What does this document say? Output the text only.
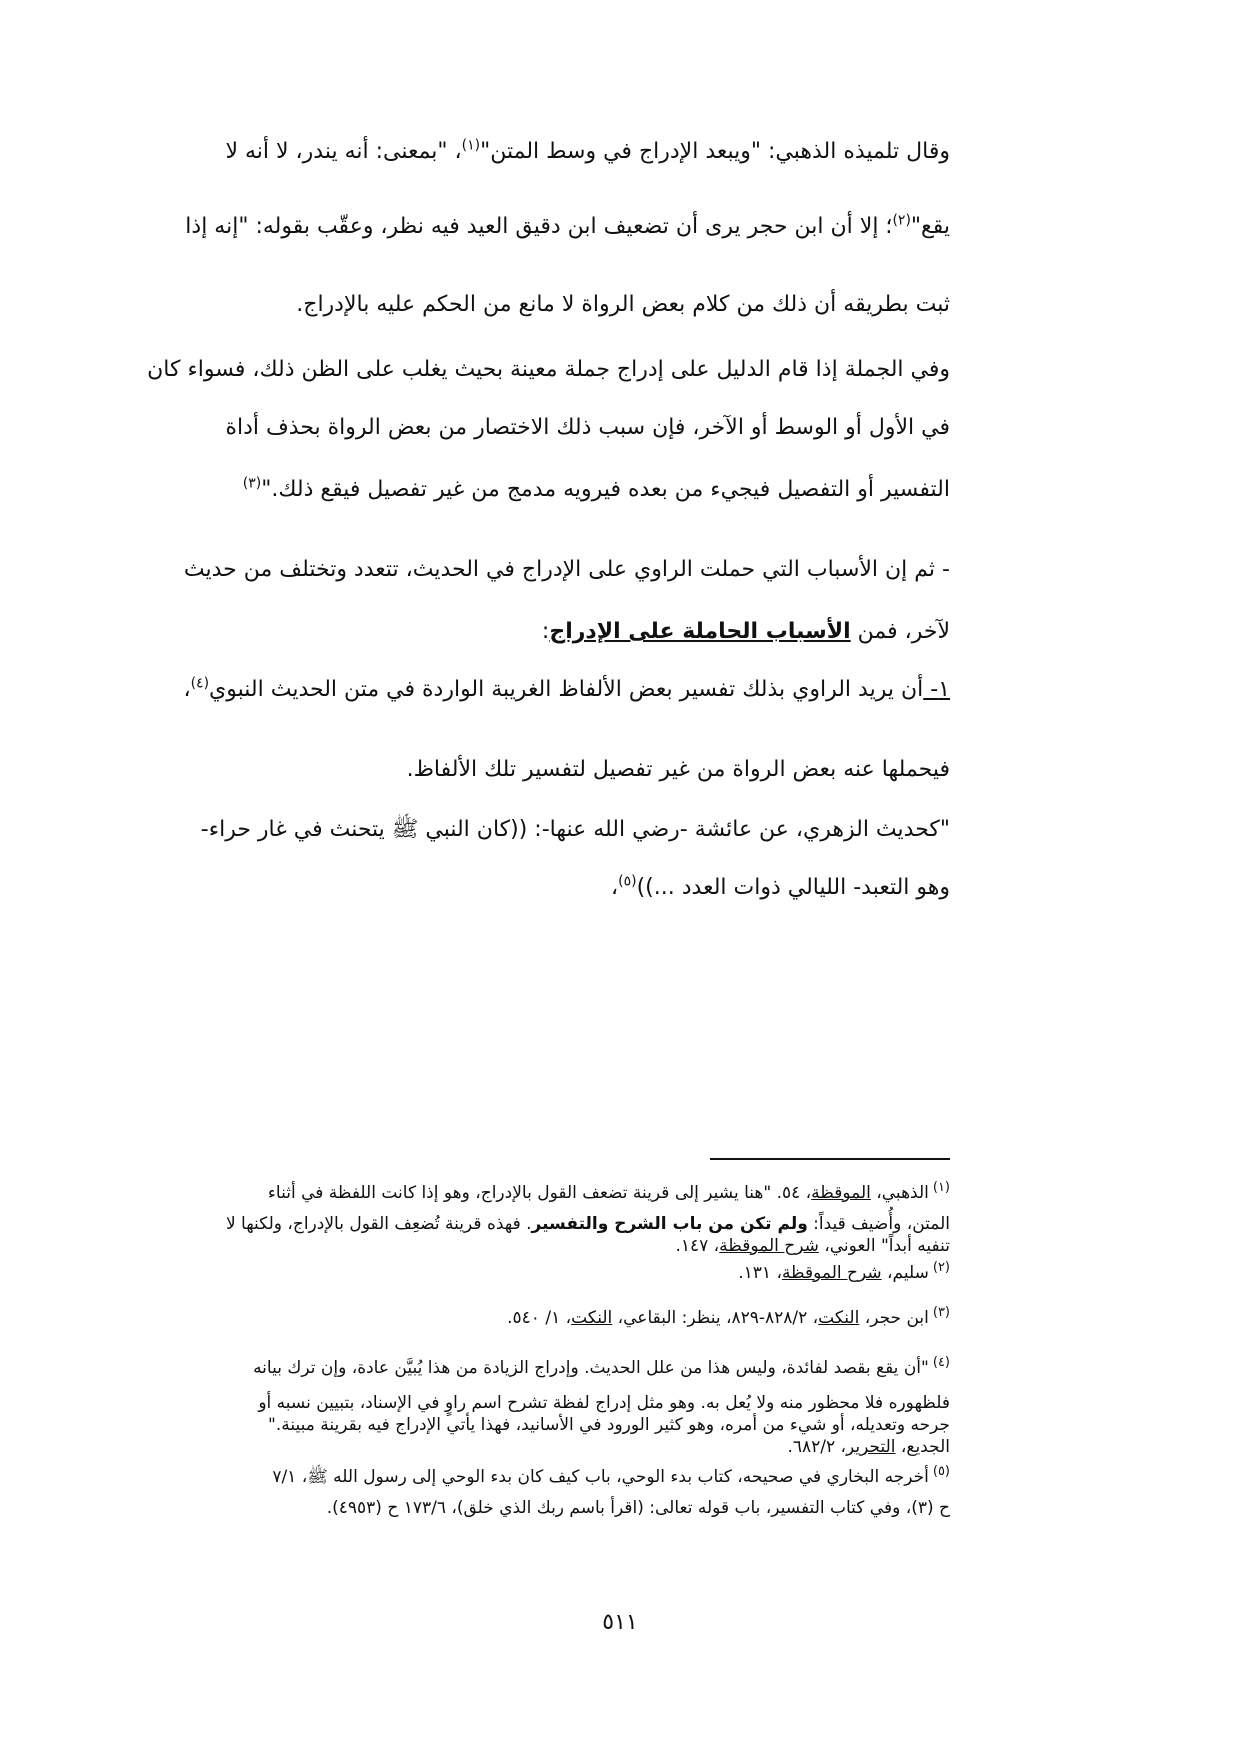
وقال تلميذه الذهبي: "ويبعد الإدراج في وسط المتن"$^{(١)}$، "بمعنى: أنه يندر، لا أنه لا
يقع"$^{(٢)}$؛ إلا أن ابن حجر يرى أن تضعيف ابن دقيق العيد فيه نظر، وعقّب بقوله: "إنه إذا
ثبت بطريقه أن ذلك من كلام بعض الرواة لا مانع من الحكم عليه بالإدراج.
وفي الجملة إذا قام الدليل على إدراج جملة معينة بحيث يغلب على الظن ذلك، فسواء كان
في الأول أو الوسط أو الآخر، فإن سبب ذلك الاختصار من بعض الرواة بحذف أداة
التفسير أو التفصيل فيجيء من بعده فيرويه مدمج من غير تفصيل فيقع ذلك."$^{(٣)}$
- ثم إن الأسباب التي حملت الراوي على الإدراج في الحديث، تتعدد وتختلف من حديث
لآخر، فمن الأسباب الحاملة على الإدراج:
١- أن يريد الراوي بذلك تفسير بعض الألفاظ الغريبة الواردة في متن الحديث النبوي$^{(٤)}$،
فيحملها عنه بعض الرواة من غير تفصيل لتفسير تلك الألفاظ.
"كحديث الزهري، عن عائشة -رضي الله عنها-: ((كان النبي ﷺ يتحنث في غار حراء-
وهو التعبد- الليالي ذوات العدد ...))$^{(٥)}$،
$^{(١)}$الذهبي، الموقظة، ٥٤. "هنا يشير إلى قرينة تضعف القول بالإدراج، وهو إذا كانت اللفظة في أثناء
المتن، وأُضيف قيداً: ولم تكن من باب الشرح والتفسير. فهذه قرينة تُضعِف القول بالإدراج، ولكنها لا
تنفيه أبداً" العوني، شرح الموقظة، ١٤٧.
$^{(٢)}$سليم، شرح الموقظة، ١٣١.
$^{(٣)}$ابن حجر، النكت، ٨٢٨/٢-٨٢٩، ينظر: البقاعي، النكت، ١/ ٥٤٠.
$^{(٤)}$"أن يقع بقصد لفائدة، وليس هذا من علل الحديث. وإدراج الزيادة من هذا يُبيَّن عادة، وإن ترك بيانه
فلظهوره فلا محظور منه ولا يُعل به. وهو مثل إدراج لفظة تشرح اسم راوٍ في الإسناد، بتبيين نسبه أو
جرحه وتعديله، أو شيء من أمره، وهو كثير الورود في الأسانيد، فهذا يأتي الإدراج فيه بقرينة مبينة."
الجديع، التحرير، ٦٨٢/٢.
$^{(٥)}$أخرجه البخاري في صحيحه، كتاب بدء الوحي، باب كيف كان بدء الوحي إلى رسول الله ﷺ، ٧/١
ح (٣)، وفي كتاب التفسير، باب قوله تعالى: (اقرأ باسم ربك الذي خلق)، ١٧٣/٦ ح (٤٩٥٣).
٥١١
